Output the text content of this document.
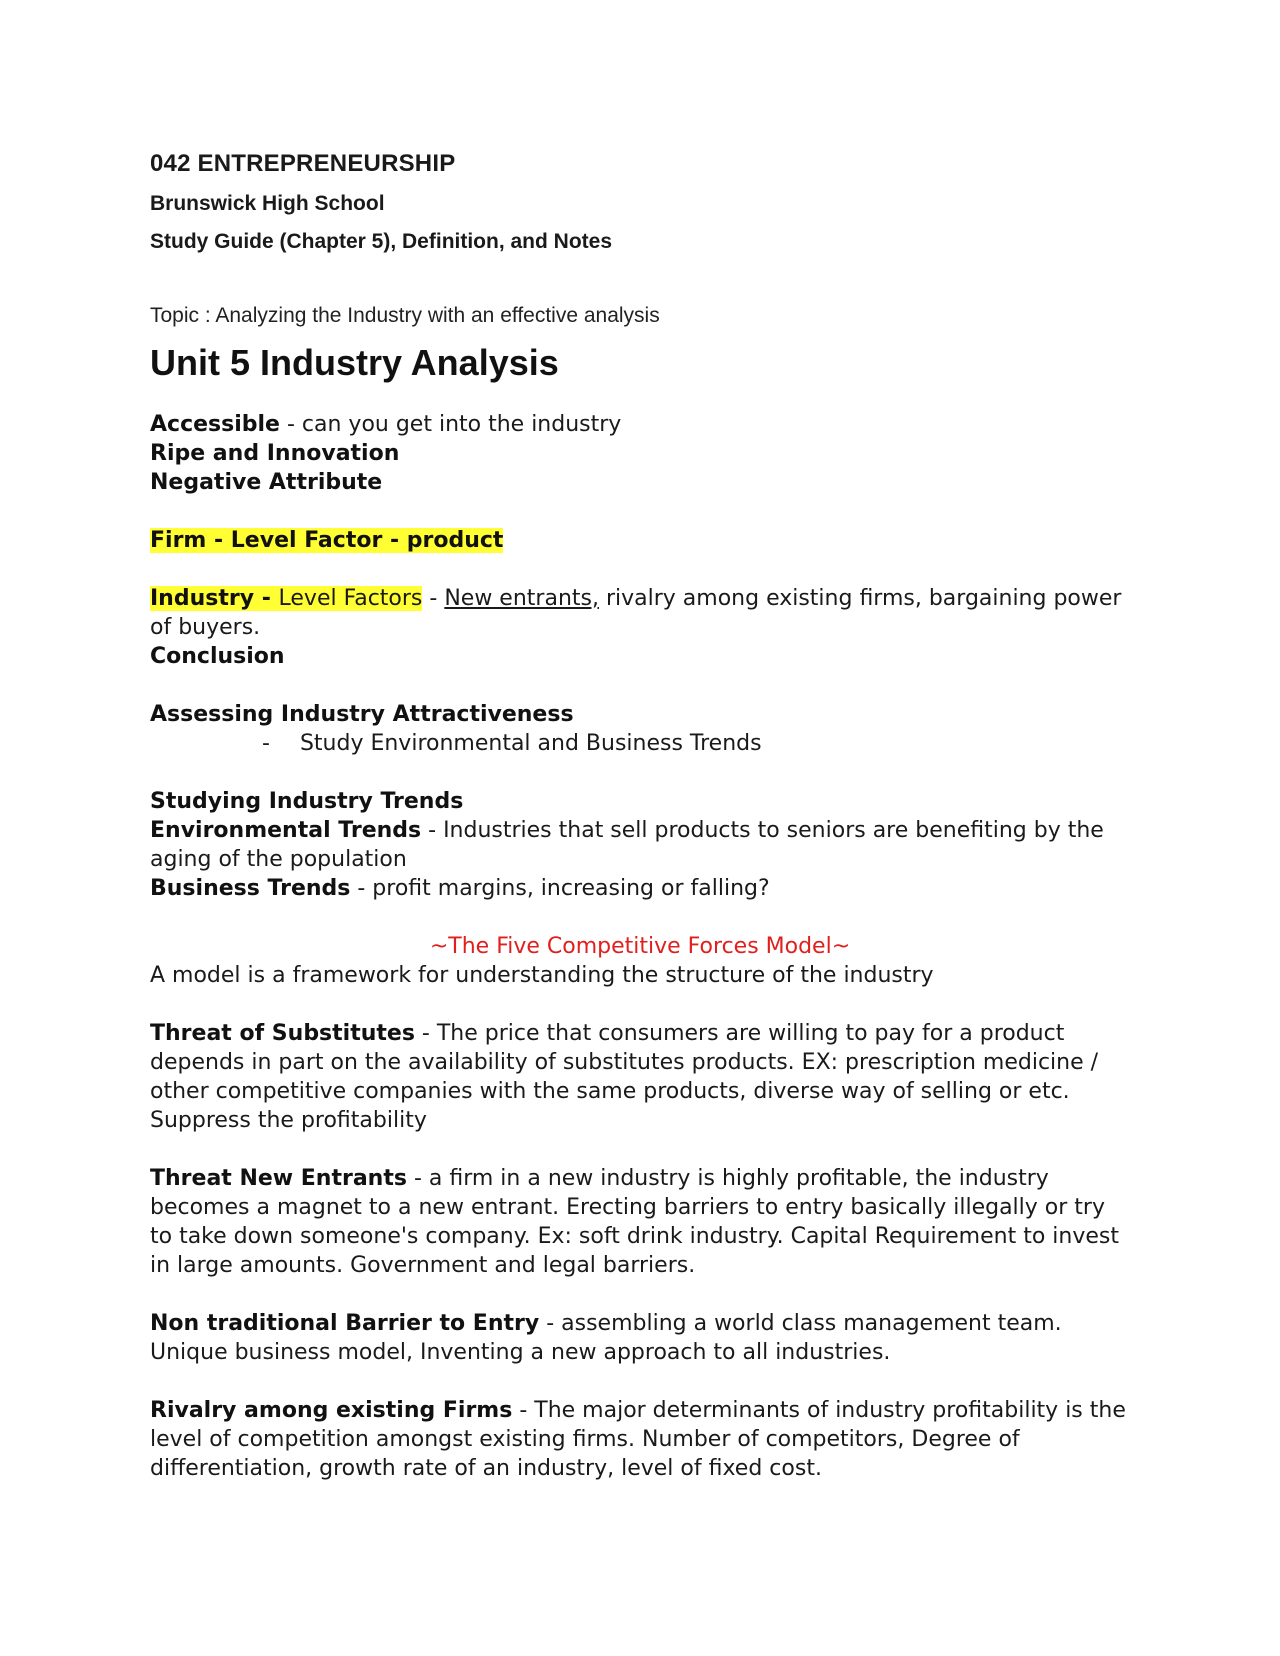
042 ENTREPRENEURSHIP
Brunswick High School
Study Guide (Chapter 5), Definition, and Notes
Topic : Analyzing the Industry with an effective analysis
Unit 5 Industry Analysis

Accessible - can you get into the industry

Ripe and Innovation

Negative Attribute

Firm - Level Factor - product

Industry - Level Factors - New entrants, rivalry among existing firms, bargaining power of buyers.

Conclusion

Assessing Industry Attractiveness

- Study Environmental and Business Trends

Studying Industry Trends

Environmental Trends - Industries that sell products to seniors are benefiting by the aging of the population

Business Trends - profit margins, increasing or falling?

~The Five Competitive Forces Model~

A model is a framework for understanding the structure of the industry

Threat of Substitutes - The price that consumers are willing to pay for a product depends in part on the availability of substitutes products. EX: prescription medicine / other competitive companies with the same products, diverse way of selling or etc. Suppress the profitability

Threat New Entrants - a firm in a new industry is highly profitable, the industry becomes a magnet to a new entrant. Erecting barriers to entry basically illegally or try to take down someone's company. Ex: soft drink industry. Capital Requirement to invest in large amounts. Government and legal barriers.

Non traditional Barrier to Entry - assembling a world class management team. Unique business model, Inventing a new approach to all industries.

Rivalry among existing Firms - The major determinants of industry profitability is the level of competition amongst existing firms. Number of competitors, Degree of differentiation, growth rate of an industry, level of fixed cost.
